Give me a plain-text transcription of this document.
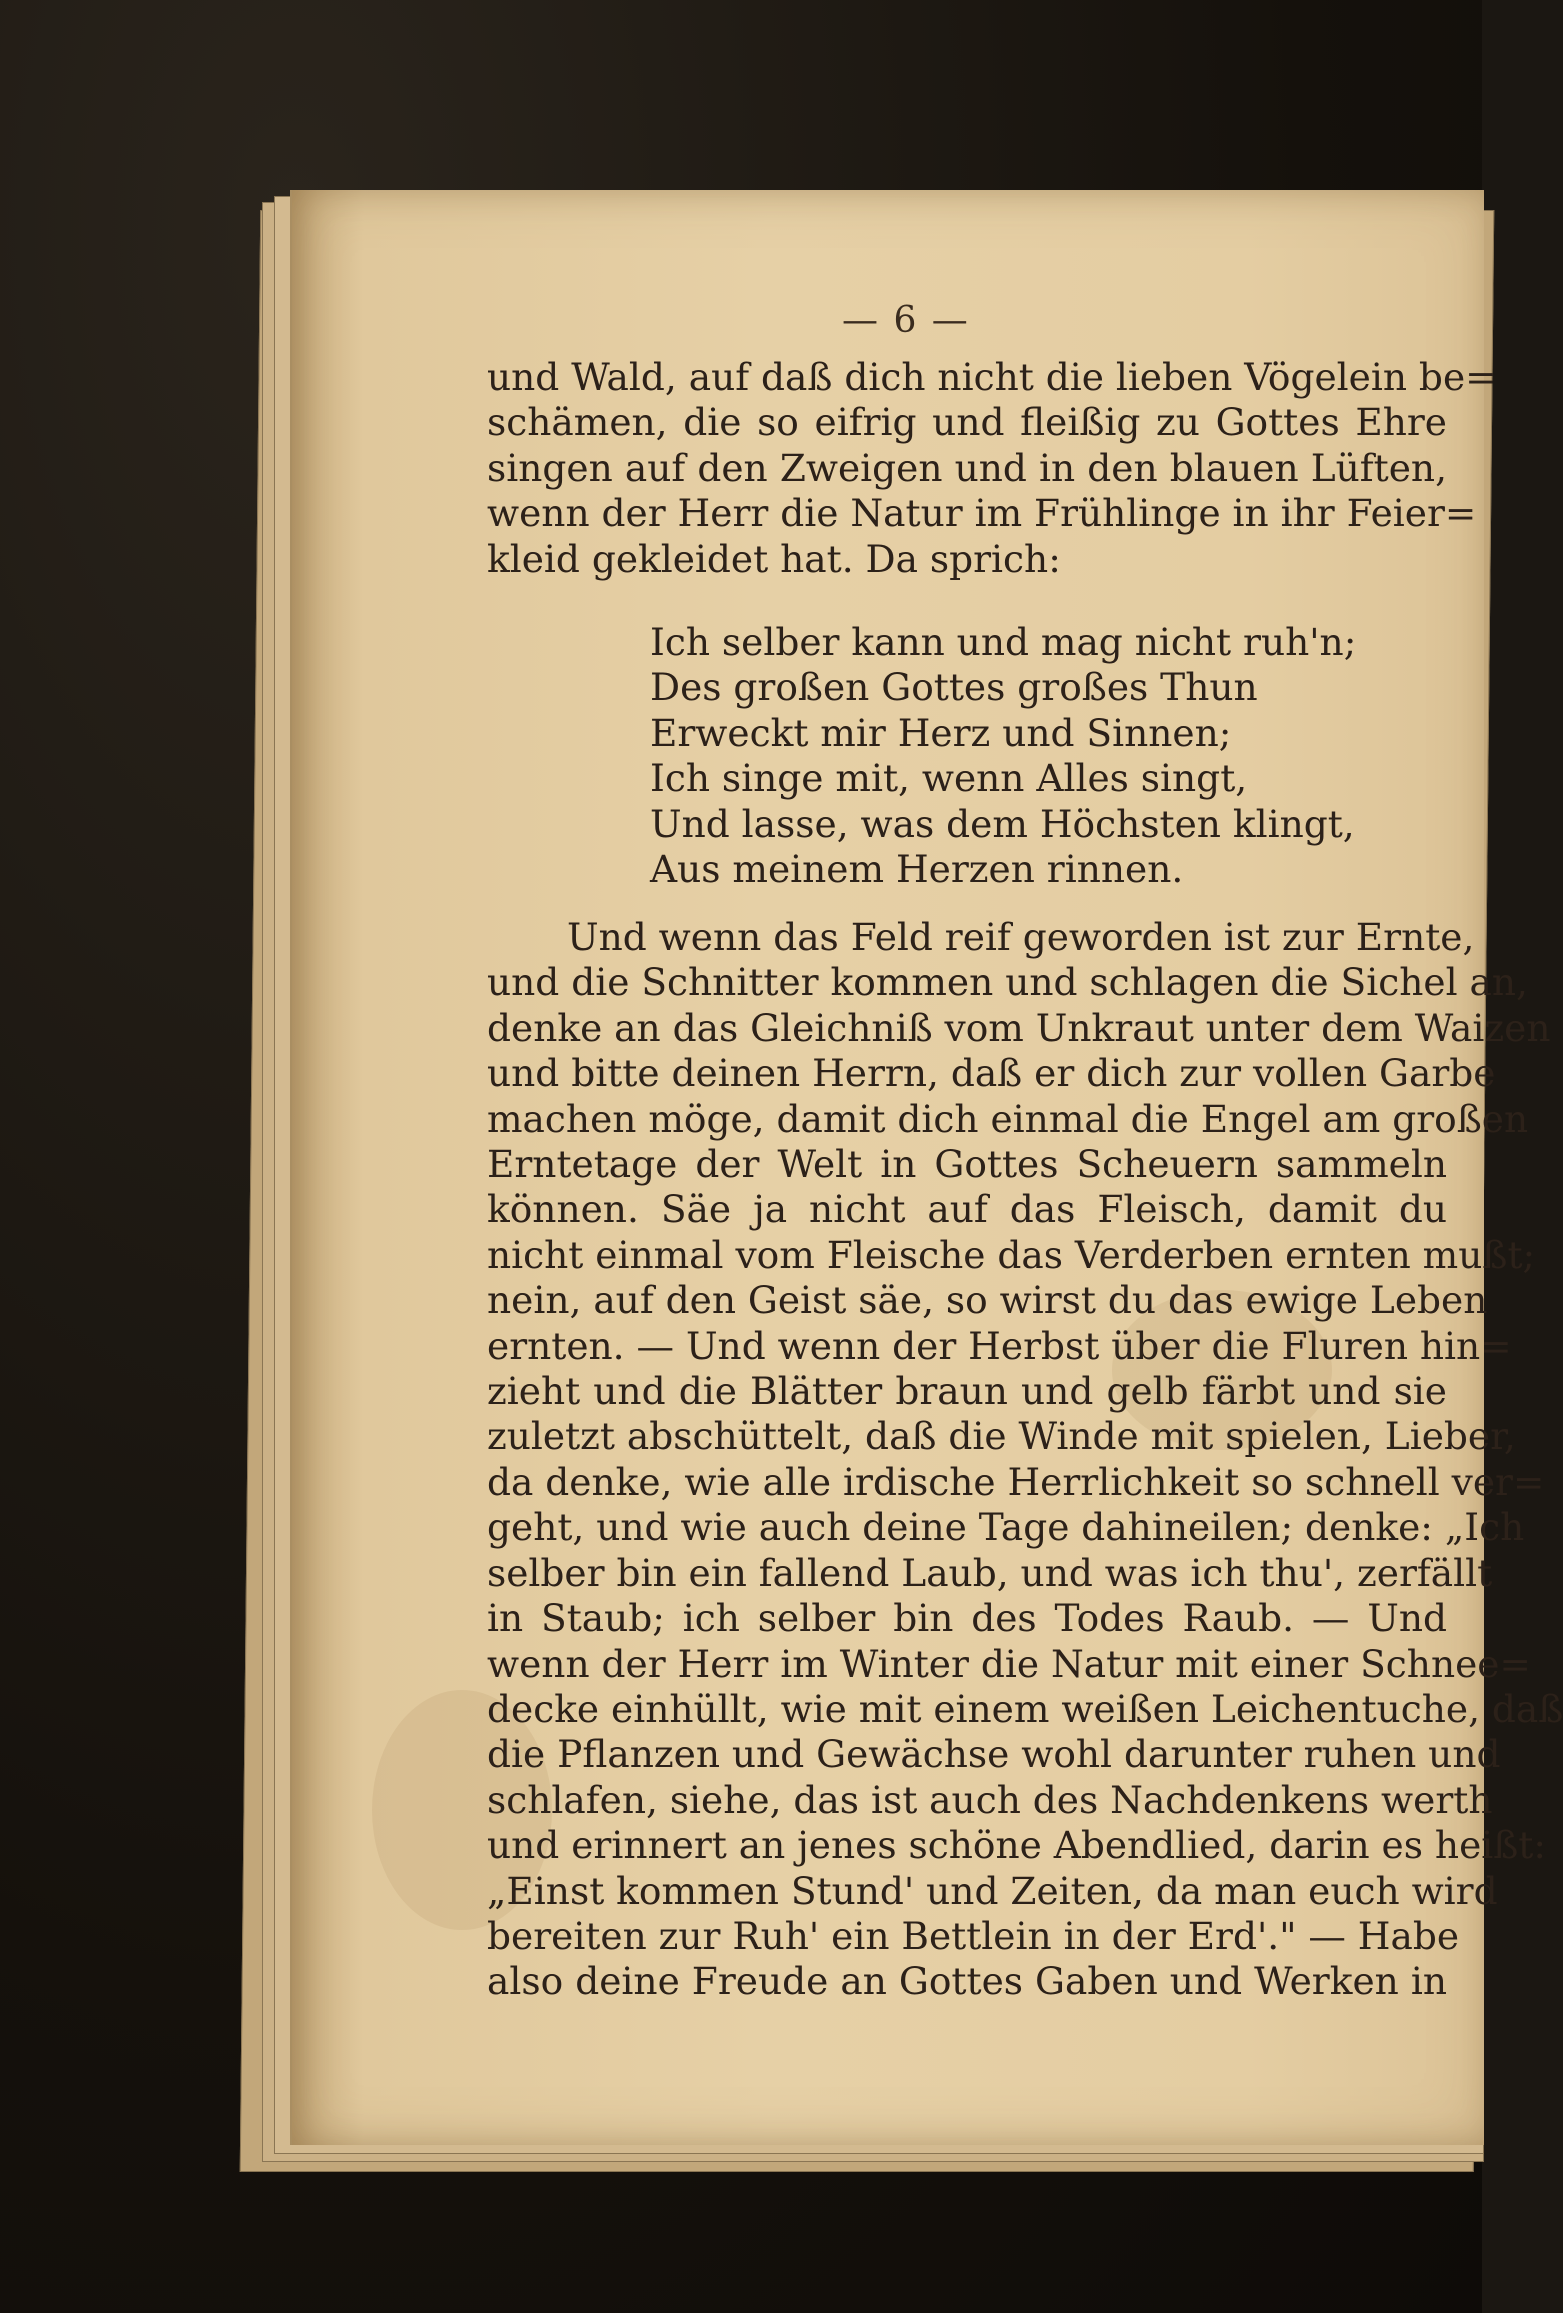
— 6 —
und Wald, auf daß dich nicht die lieben Vögelein be=
schämen, die so eifrig und fleißig zu Gottes Ehre
singen auf den Zweigen und in den blauen Lüften,
wenn der Herr die Natur im Frühlinge in ihr Feier=
kleid gekleidet hat. Da sprich:
Ich selber kann und mag nicht ruh'n;
Des großen Gottes großes Thun
Erweckt mir Herz und Sinnen;
Ich singe mit, wenn Alles singt,
Und lasse, was dem Höchsten klingt,
Aus meinem Herzen rinnen.
Und wenn das Feld reif geworden ist zur Ernte,
und die Schnitter kommen und schlagen die Sichel an,
denke an das Gleichniß vom Unkraut unter dem Waizen
und bitte deinen Herrn, daß er dich zur vollen Garbe
machen möge, damit dich einmal die Engel am großen
Erntetage der Welt in Gottes Scheuern sammeln
können. Säe ja nicht auf das Fleisch, damit du
nicht einmal vom Fleische das Verderben ernten mußt;
nein, auf den Geist säe, so wirst du das ewige Leben
ernten. — Und wenn der Herbst über die Fluren hin=
zieht und die Blätter braun und gelb färbt und sie
zuletzt abschüttelt, daß die Winde mit spielen, Lieber,
da denke, wie alle irdische Herrlichkeit so schnell ver=
geht, und wie auch deine Tage dahineilen; denke: „Ich
selber bin ein fallend Laub, und was ich thu', zerfällt
in Staub; ich selber bin des Todes Raub. — Und
wenn der Herr im Winter die Natur mit einer Schnee=
decke einhüllt, wie mit einem weißen Leichentuche, daß
die Pflanzen und Gewächse wohl darunter ruhen und
schlafen, siehe, das ist auch des Nachdenkens werth
und erinnert an jenes schöne Abendlied, darin es heißt:
„Einst kommen Stund' und Zeiten, da man euch wird
bereiten zur Ruh' ein Bettlein in der Erd'." — Habe
also deine Freude an Gottes Gaben und Werken in
